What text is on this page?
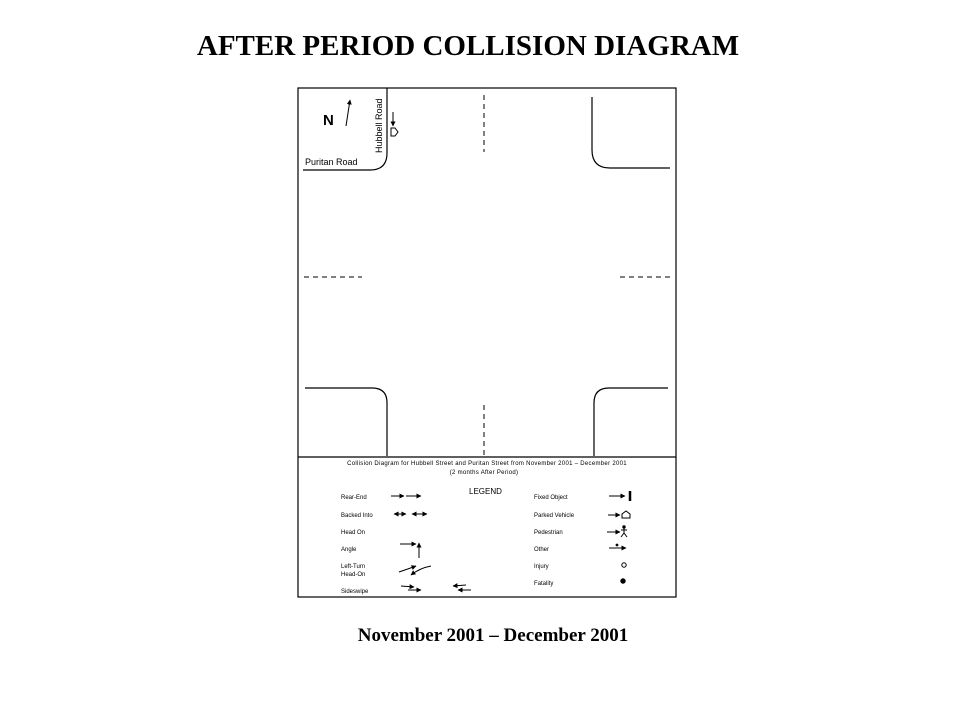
AFTER PERIOD COLLISION DIAGRAM
N	Hubbell Road
Puritan Road
Collision Diagram for Hubbell Street and Puritan Street from November 2001 – December 2001
(2 months After Period)
LEGEND
Rear-End
Backed Into
Head On
Angle
Left-Turn
Head-On
Sideswipe
Fixed Object
Parked Vehicle
Pedestrian
Other
Injury
Fatality
November 2001 – December 2001
